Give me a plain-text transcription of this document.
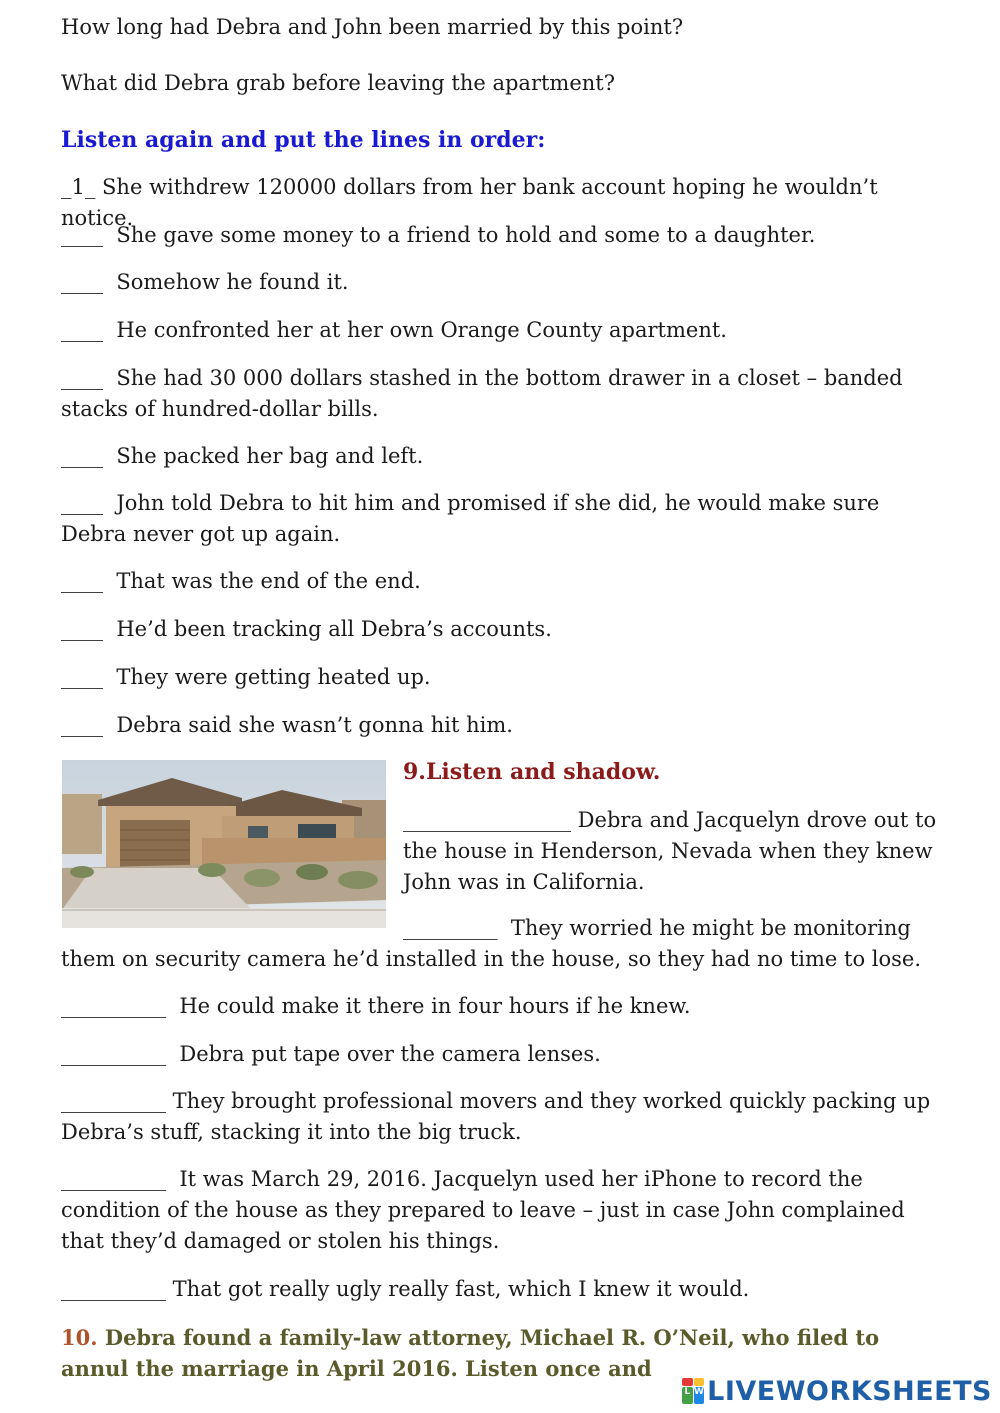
How long had Debra and John been married by this point?

What did Debra grab before leaving the apartment?

Listen again and put the lines in order:

_1_ She withdrew 120000 dollars from her bank account hoping he wouldn’t notice.

____  She gave some money to a friend to hold and some to a daughter.

____  Somehow he found it.

____  He confronted her at her own Orange County apartment.

____  She had 30 000 dollars stashed in the bottom drawer in a closet – banded stacks of hundred-dollar bills.

____  She packed her bag and left.

____  John told Debra to hit him and promised if she did, he would make sure Debra never got up again.

____  That was the end of the end.

____  He’d been tracking all Debra’s accounts.

____  They were getting heated up.

____  Debra said she wasn’t gonna hit him.

9.Listen and shadow.

________________ Debra and Jacquelyn drove out to the house in Henderson, Nevada when they knew John was in California.

_________  They worried he might be monitoring them on security camera he’d installed in the house, so they had no time to lose.

__________  He could make it there in four hours if he knew.

__________  Debra put tape over the camera lenses.

__________ They brought professional movers and they worked quickly packing up Debra’s stuff, stacking it into the big truck.

__________  It was March 29, 2016. Jacquelyn used her iPhone to record the condition of the house as they prepared to leave – just in case John complained that they’d damaged or stolen his things.

__________ That got really ugly really fast, which I knew it would.

10. Debra found a family-law attorney, Michael R. O’Neil, who filed to annul the marriage in April 2016. Listen once and

L W LIVEWORKSHEETS
